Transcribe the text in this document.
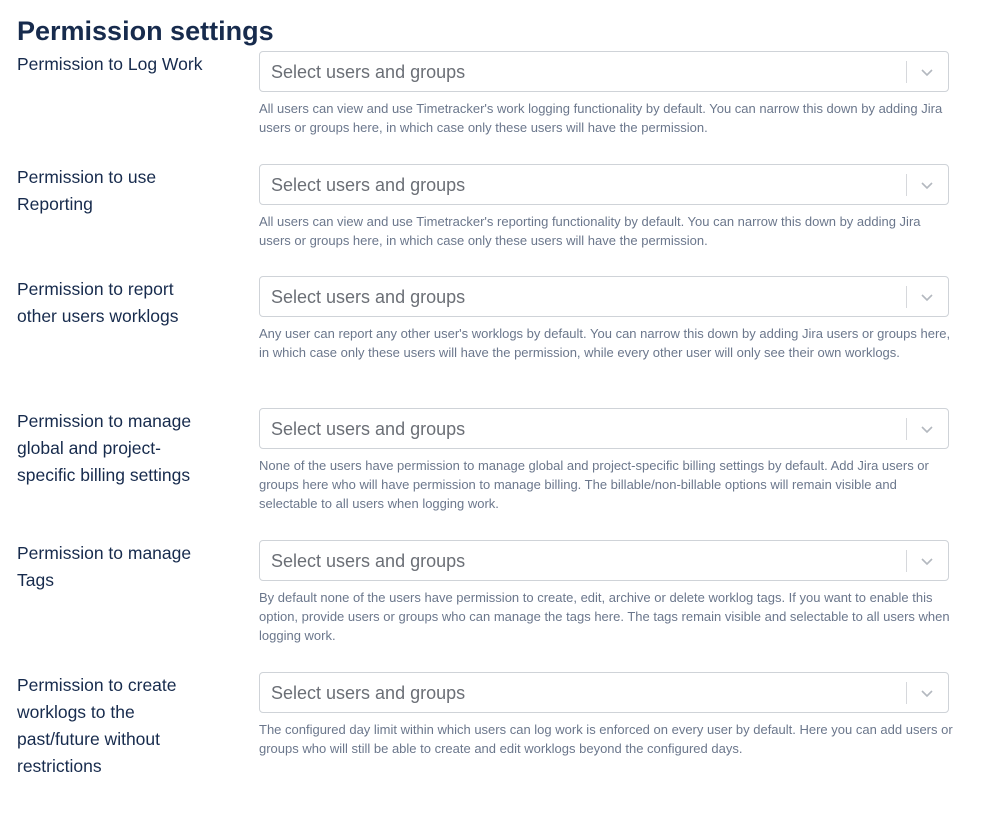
Permission settings
Permission to Log Work	Select users and groups
All users can view and use Timetracker's work logging functionality by default. You can narrow this down by adding Jira users or groups here, in which case only these users will have the permission.
Permission to use Reporting
Select users and groups
All users can view and use Timetracker's reporting functionality by default. You can narrow this down by adding Jira users or groups here, in which case only these users will have the permission.
Permission to report other users worklogs
Select users and groups
Any user can report any other user's worklogs by default. You can narrow this down by adding Jira users or groups here, in which case only these users will have the permission, while every other user will only see their own worklogs.
Permission to manage global and project-specific billing settings
Select users and groups
None of the users have permission to manage global and project-specific billing settings by default. Add Jira users or groups here who will have permission to manage billing. The billable/non-billable options will remain visible and selectable to all users when logging work.
Permission to manage Tags
Select users and groups
By default none of the users have permission to create, edit, archive or delete worklog tags. If you want to enable this option, provide users or groups who can manage the tags here. The tags remain visible and selectable to all users when logging work.
Permission to create worklogs to the past/future without restrictions
Select users and groups
The configured day limit within which users can log work is enforced on every user by default. Here you can add users or groups who will still be able to create and edit worklogs beyond the configured days.
